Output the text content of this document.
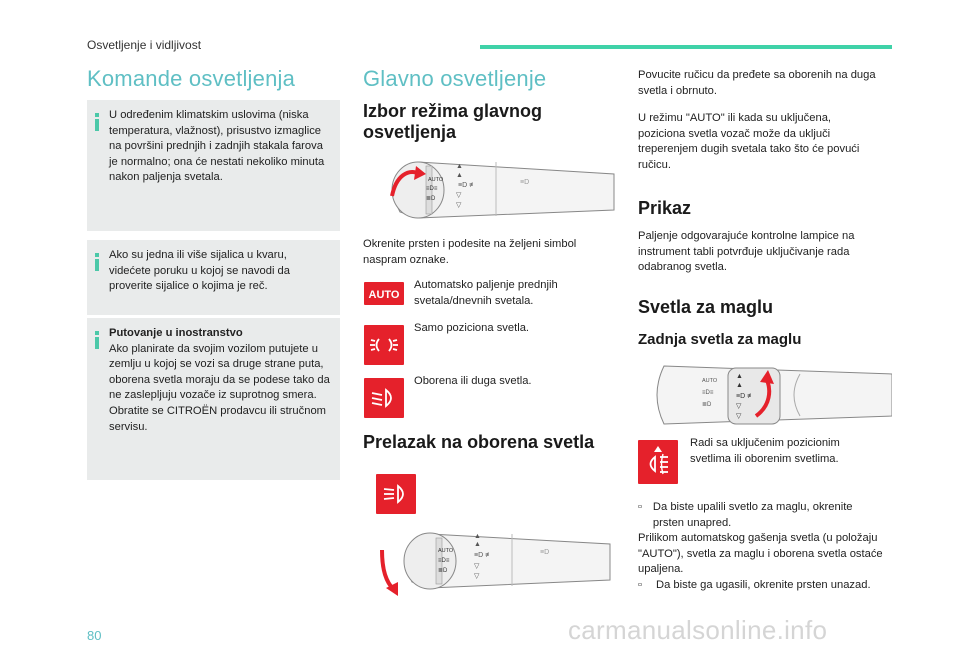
Osvetljenje i vidljivost
Komande osvetljenja
U određenim klimatskim uslovima (niska temperatura, vlažnost), prisustvo izmaglice na površini prednjih i zadnjih stakala farova je normalno; ona će nestati nekoliko minuta nakon paljenja svetala.
Ako su jedna ili više sijalica u kvaru, videćete poruku u kojoj se navodi da proverite sijalice o kojima je reč.
Putovanje u inostranstvo
Ako planirate da svojim vozilom putujete u zemlju u kojoj se vozi sa druge strane puta, oborena svetla moraju da se podese tako da ne zaslepljuju vozače iz suprotnog smera. Obratite se CITROËN prodavcu ili stručnom servisu.
Glavno osvetljenje
Izbor režima glavnog osvetljenja
AUTO
≡D≡
≣D
▲
▲
≡D ≢
▽
▽
≡D
Okrenite prsten i podesite na željeni simbol naspram oznake.
AUTO
Automatsko paljenje prednjih svetala/dnevnih svetala.
Samo poziciona svetla.
Oborena ili duga svetla.
Prelazak na oborena svetla
AUTO
≡D≡
≣D
▲
▲
≡D ≢
▽
▽
≡D
Povucite ručicu da pređete sa oborenih na duga svetla i obrnuto.
U režimu "AUTO" ili kada su uključena, poziciona svetla vozač može da uključi treperenjem dugih svetala tako što će povući ručicu.
Prikaz
Paljenje odgovarajuće kontrolne lampice na instrument tabli potvrđuje uključivanje rada odabranog svetla.
Svetla za maglu
Zadnja svetla za maglu
AUTO
≡D≡
≣D
▲
▲
≡D ≢
▽
▽
Radi sa uključenim pozicionim svetlima ili oborenim svetlima.
▫ Da biste upalili svetlo za maglu, okrenite prsten unapred.
Prilikom automatskog gašenja svetla (u položaju "AUTO"), svetla za maglu i oborena svetla ostaće upaljena.
▫	Da biste ga ugasili, okrenite prsten unazad.
80	carmanualsonline.info
